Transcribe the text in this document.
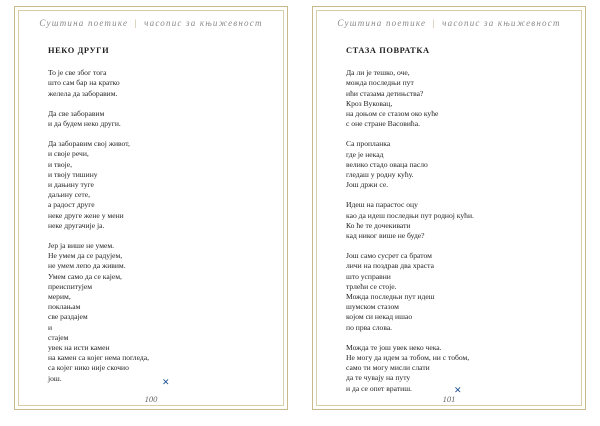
Суштина поетике | часопис за књижевност
НЕКО ДРУГИ
То је све због тога
што сам бар на кратко
желела да заборавим.
Да све заборавим
и да будем неко други.
Да заборавим свој живот,
и своје речи,
и твоје,
и твоју тишину
и дањину туге
даљину сете,
а радост друге
неке друге жене у мени
неке другачије ја.
Јер ја више не умем.
Не умем да се радујем,
не умем лепо да живим.
Умем само да се кајем,
преиспитујем
мерим,
поклањам
све раздајем
и
стајем
увек на исти камен
на камен са којег нема погледа,
са којег нико није скочио
још.	✕
100
Суштина поетике | часопис за књижевност
СТАЗА ПОВРАТКА
Да ли је тешко, оче,
можда последњи пут
ићи стазама детињства?
Кроз Вуковац,
на доњом се стазом око куће
с оне стране Васовића.
Са пропланка
где је некад
велико стадо оваца пасло
гледаш у родну кућу.
Још држи се.
Идеш на парастос оцу
као да идеш последњи пут родној кући.
Ко ће те дочекивати
кад никог више не буде?
Још само сусрет са братом
личи на поздрав два храста
што усправни
трлећи се стоје.
Можда последњи пут идеш
шумском стазом
којом си некад ишао
по прва слова.
Можда те још увек неко чека.
Не могу да идем за тобом, ни с тобом,
само ти могу мисли слати
да те чувају на путу
и да се опет вратиш.	✕
101
